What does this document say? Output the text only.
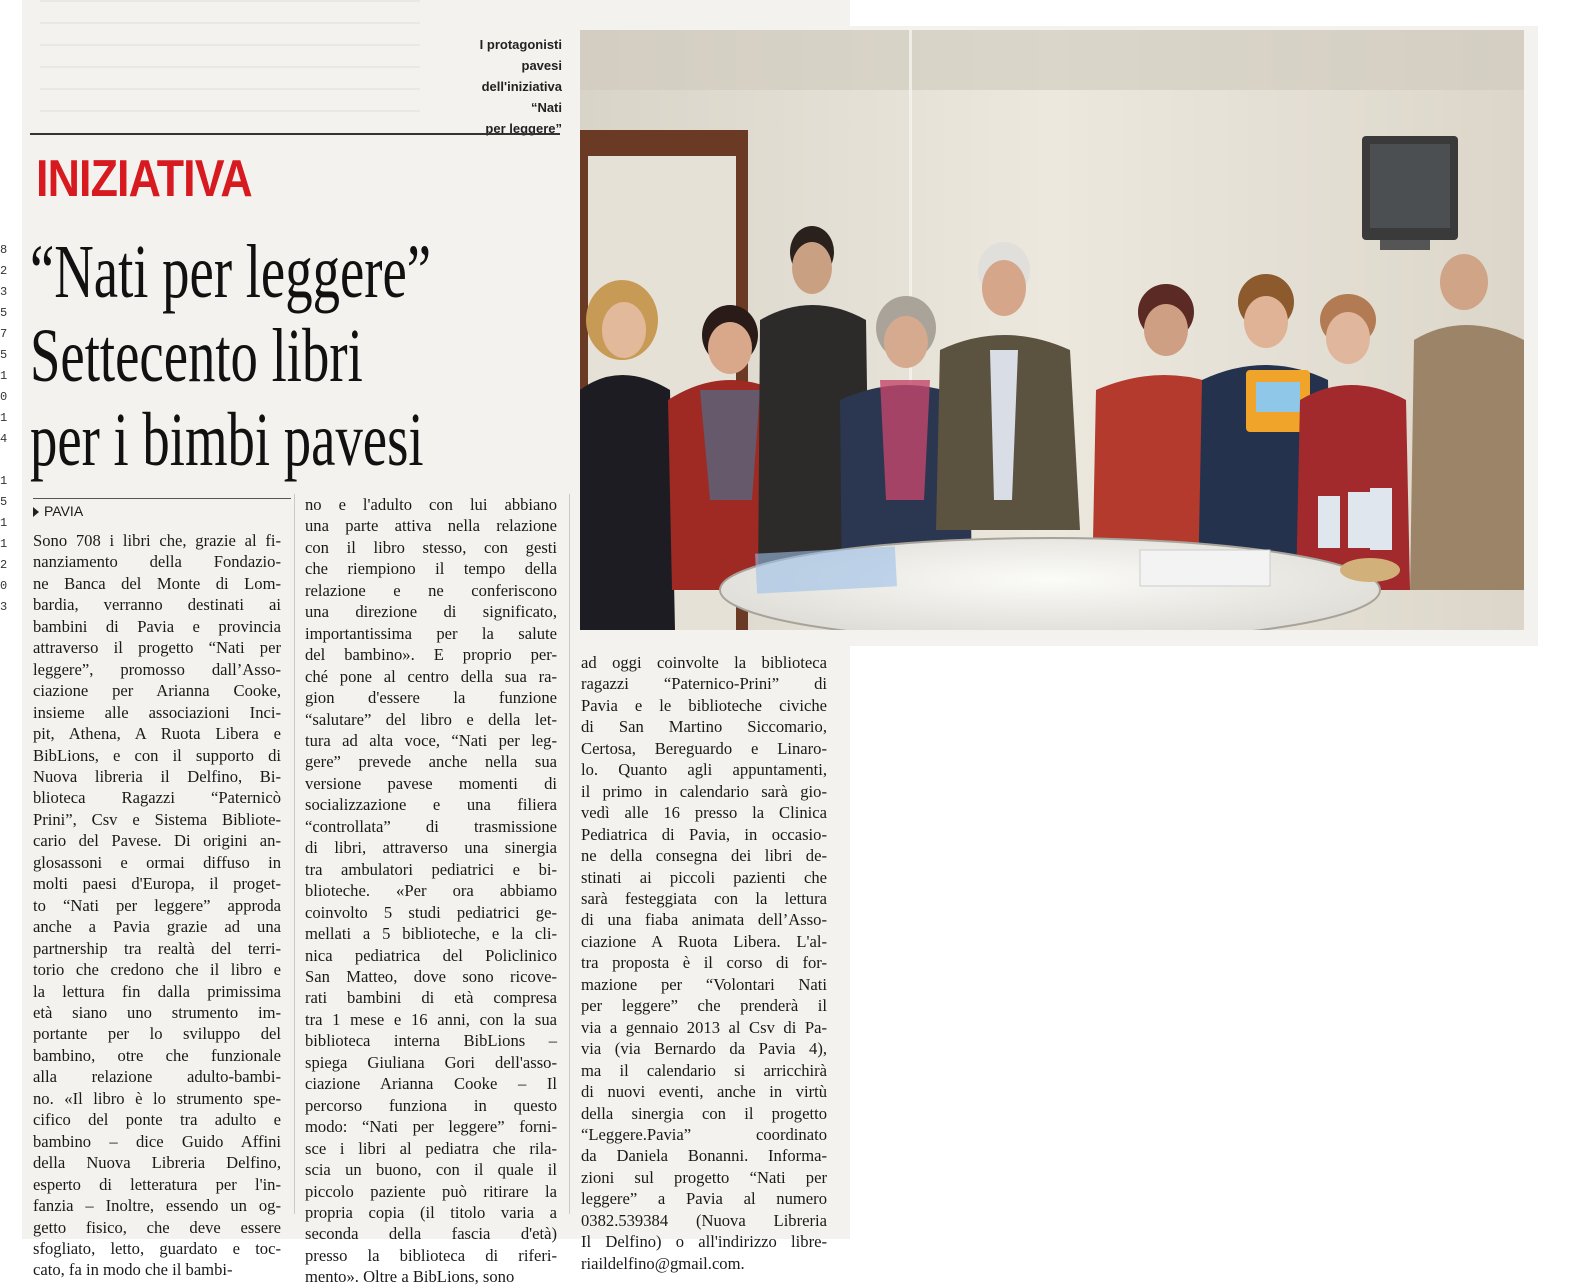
8
2
3
5
7
5
1
0
1
4

1
5
1
1
2
0
3
I protagonisti
pavesi
dell'iniziativa
“Nati
per leggere”
INIZIATIVA
“Nati per leggere”
Settecento libri
per i bimbi pavesi
PAVIA
Sono 708 i libri che, grazie al fi-
nanziamento della Fondazio-
ne Banca del Monte di Lom-
bardia, verranno destinati ai
bambini di Pavia e provincia
attraverso il progetto “Nati per
leggere”, promosso dall’Asso-
ciazione per Arianna Cooke,
insieme alle associazioni Inci-
pit, Athena, A Ruota Libera e
BibLions, e con il supporto di
Nuova libreria il Delfino, Bi-
blioteca Ragazzi “Paternicò
Prini”, Csv e Sistema Bibliote-
cario del Pavese. Di origini an-
glosassoni e ormai diffuso in
molti paesi d'Europa, il proget-
to “Nati per leggere” approda
anche a Pavia grazie ad una
partnership tra realtà del terri-
torio che credono che il libro e
la lettura fin dalla primissima
età siano uno strumento im-
portante per lo sviluppo del
bambino, otre che funzionale
alla relazione adulto-bambi-
no. «Il libro è lo strumento spe-
cifico del ponte tra adulto e
bambino – dice Guido Affini
della Nuova Libreria Delfino,
esperto di letteratura per l'in-
fanzia – Inoltre, essendo un og-
getto fisico, che deve essere
sfogliato, letto, guardato e toc-
cato, fa in modo che il bambi-
no e l'adulto con lui abbiano
una parte attiva nella relazione
con il libro stesso, con gesti
che riempiono il tempo della
relazione e ne conferiscono
una direzione di significato,
importantissima per la salute
del bambino». E proprio per-
ché pone al centro della sua ra-
gion d'essere la funzione
“salutare” del libro e della let-
tura ad alta voce, “Nati per leg-
gere” prevede anche nella sua
versione pavese momenti di
socializzazione e una filiera
“controllata” di trasmissione
di libri, attraverso una sinergia
tra ambulatori pediatrici e bi-
blioteche. «Per ora abbiamo
coinvolto 5 studi pediatrici ge-
mellati a 5 biblioteche, e la cli-
nica pediatrica del Policlinico
San Matteo, dove sono ricove-
rati bambini di età compresa
tra 1 mese e 16 anni, con la sua
biblioteca interna BibLions –
spiega Giuliana Gori dell'asso-
ciazione Arianna Cooke – Il
percorso funziona in questo
modo: “Nati per leggere” forni-
sce i libri al pediatra che rila-
scia un buono, con il quale il
piccolo paziente può ritirare la
propria copia (il titolo varia a
seconda della fascia d'età)
presso la biblioteca di riferi-
mento». Oltre a BibLions, sono
ad oggi coinvolte la biblioteca
ragazzi “Paternico-Prini” di
Pavia e le biblioteche civiche
di San Martino Siccomario,
Certosa, Bereguardo e Linaro-
lo. Quanto agli appuntamenti,
il primo in calendario sarà gio-
vedì alle 16 presso la Clinica
Pediatrica di Pavia, in occasio-
ne della consegna dei libri de-
stinati ai piccoli pazienti che
sarà festeggiata con la lettura
di una fiaba animata dell’Asso-
ciazione A Ruota Libera. L'al-
tra proposta è il corso di for-
mazione per “Volontari Nati
per leggere” che prenderà il
via a gennaio 2013 al Csv di Pa-
via (via Bernardo da Pavia 4),
ma il calendario si arricchirà
di nuovi eventi, anche in virtù
della sinergia con il progetto
“Leggere.Pavia” coordinato
da Daniela Bonanni. Informa-
zioni sul progetto “Nati per
leggere” a Pavia al numero
0382.539384 (Nuova Libreria
Il Delfino) o all'indirizzo libre-
riaildelfino@gmail.com.
